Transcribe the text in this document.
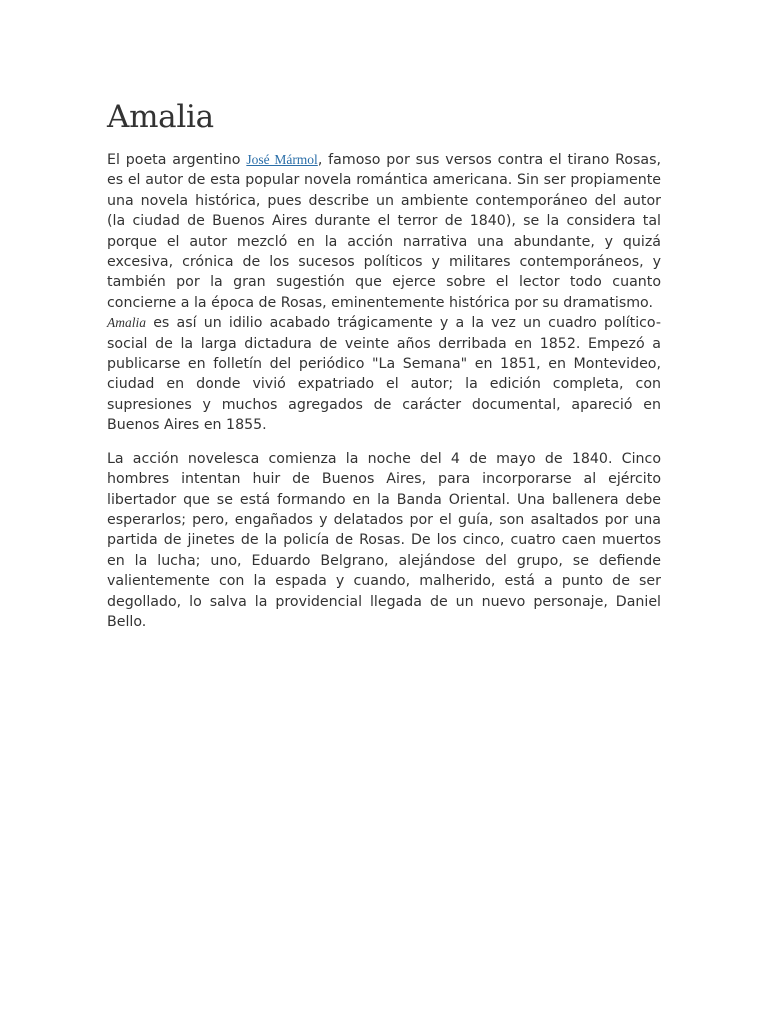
Amalia

El poeta argentino José Mármol, famoso por sus versos contra el tirano Rosas, es el autor de esta popular novela romántica americana. Sin ser propiamente una novela histórica, pues describe un ambiente contemporáneo del autor (la ciudad de Buenos Aires durante el terror de 1840), se la considera tal porque el autor mezcló en la acción narrativa una abundante, y quizá excesiva, crónica de los sucesos políticos y militares contemporáneos, y también por la gran sugestión que ejerce sobre el lector todo cuanto concierne a la época de Rosas, eminentemente histórica por su dramatismo.

Amalia es así un idilio acabado trágicamente y a la vez un cuadro político-social de la larga dictadura de veinte años derribada en 1852. Empezó a publicarse en folletín del periódico "La Semana" en 1851, en Montevideo, ciudad en donde vivió expatriado el autor; la edición completa, con supresiones y muchos agregados de carácter documental, apareció en Buenos Aires en 1855.

La acción novelesca comienza la noche del 4 de mayo de 1840. Cinco hombres intentan huir de Buenos Aires, para incorporarse al ejército libertador que se está formando en la Banda Oriental. Una ballenera debe esperarlos; pero, engañados y delatados por el guía, son asaltados por una partida de jinetes de la policía de Rosas. De los cinco, cuatro caen muertos en la lucha; uno, Eduardo Belgrano, alejándose del grupo, se defiende valientemente con la espada y cuando, malherido, está a punto de ser degollado, lo salva la providencial llegada de un nuevo personaje, Daniel Bello.
